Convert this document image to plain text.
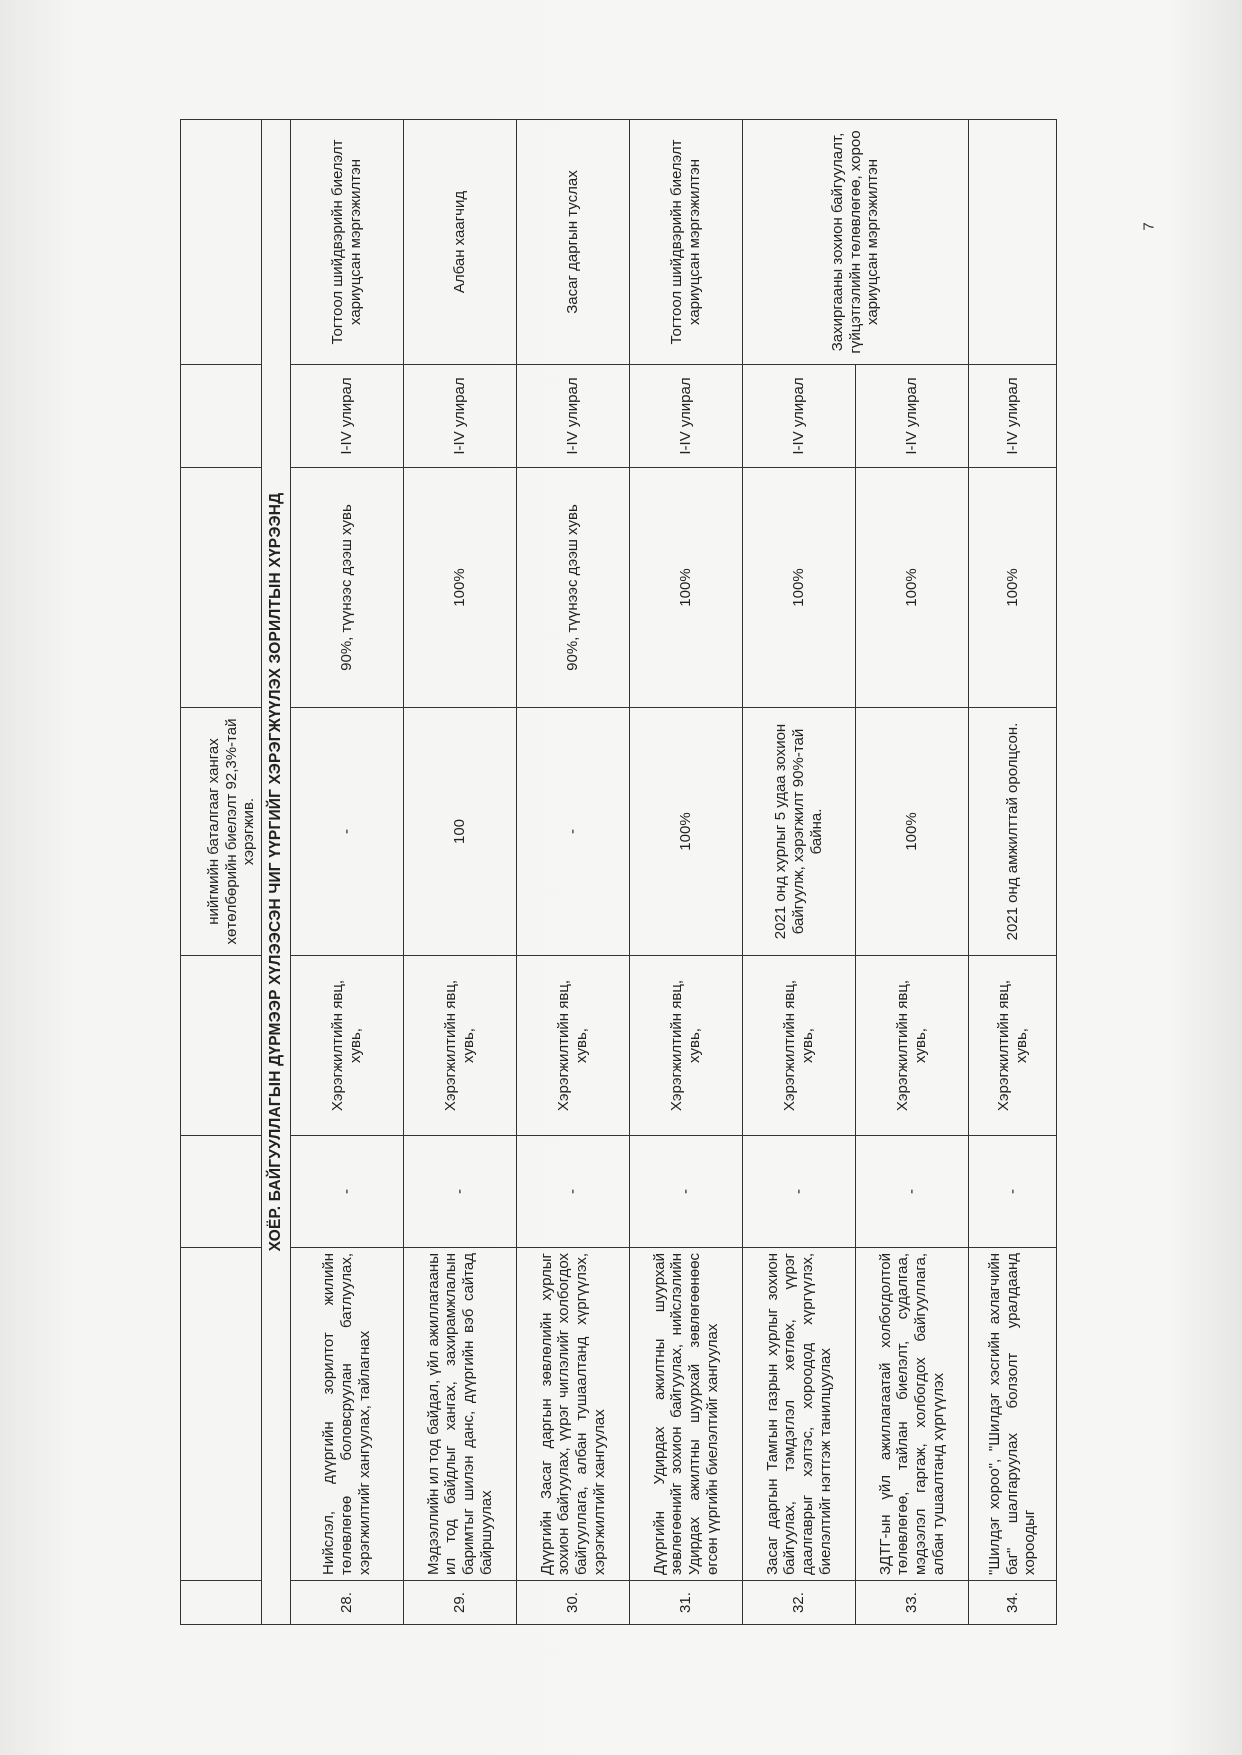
				нийгмийн баталгааг хангах хөтөлбөрийн биелэлт 92,3%-тай хэрэгжив.			
ХОЁР. БАЙГУУЛЛАГЫН ДҮРМЭЭР ХҮЛЭЭСЭН ЧИГ ҮҮРГИЙГ ХЭРЭГЖҮҮЛЭХ ЗОРИЛТЫН ХҮРЭЭНД							
28.	Нийслэл, дүүргийн зорилтот жилийн төлөвлөгөө боловсруулан батлуулах, хэрэгжилтийг хангуулах, тайлагнах	-	Хэрэгжилтийн явц, хувь,	-	90%, түүнээс дээш хувь	I-IV улирал	Тогтоол шийдвэрийн биелэлт хариуцсан мэргэжилтэн
29.	Мэдээллийн ил тод байдал, үйл ажиллагааны ил тод байдлыг хангах, захирамжлалын баримтыг шилэн данс, дүүргийн вэб сайтад байршуулах	-	Хэрэгжилтийн явц, хувь,	100	100%	I-IV улирал	Албан хаагчид
30.	Дүүргийн Засаг даргын зөвлөлийн хурлыг зохион байгуулах, үүрэг чиглэлийг холбогдох байгууллага, албан тушаалтанд хүргүүлэх, хэрэгжилтийг хангуулах	-	Хэрэгжилтийн явц, хувь,	-	90%, түүнээс дээш хувь	I-IV улирал	Засаг даргын туслах
31.	Дүүргийн Удирдах ажилтны шуурхай зөвлөгөөнийг зохион байгуулах, нийслэлийн Удирдах ажилтны шуурхай зөвлөгөөнөөс өгсөн үүргийн биелэлтийг хангуулах	-	Хэрэгжилтийн явц, хувь,	100%	100%	I-IV улирал	Тогтоол шийдвэрийн биелэлт хариуцсан мэргэжилтэн
32.	Засаг даргын Тамгын газрын хурлыг зохион байгуулах, тэмдэглэл хөтлөх, үүрэг даалгаврыг хэлтэс, хороодод хүргүүлэх, биелэлтийг нэгтгэж танилцуулах	-	Хэрэгжилтийн явц, хувь,	2021 онд хурлыг 5 удаа зохион байгуулж, хэрэгжилт 90%-тай байна.	100%	I-IV улирал	Захиргааны зохион байгуулалт, гүйцэтгэлийн төлөвлөгөө, хороо хариуцсан мэргэжилтэн
33.	ЗДТГ-ын үйл ажиллагаатай холбогдолтой төлөвлөгөө, тайлан биелэлт, судалгаа, мэдээлэл гаргаж, холбогдох байгууллага, албан тушаалтанд хүргүүлэх	-	Хэрэгжилтийн явц, хувь,	100%	100%	I-IV улирал	
34.	"Шилдэг хороо", "Шилдэг хэсгийн ахлагчийн баг" шалгаруулах болзолт уралдаанд хороодыг	-	Хэрэгжилтийн явц, хувь,	2021 онд амжилттай оролцсон.	100%	I-IV улирал	
7
